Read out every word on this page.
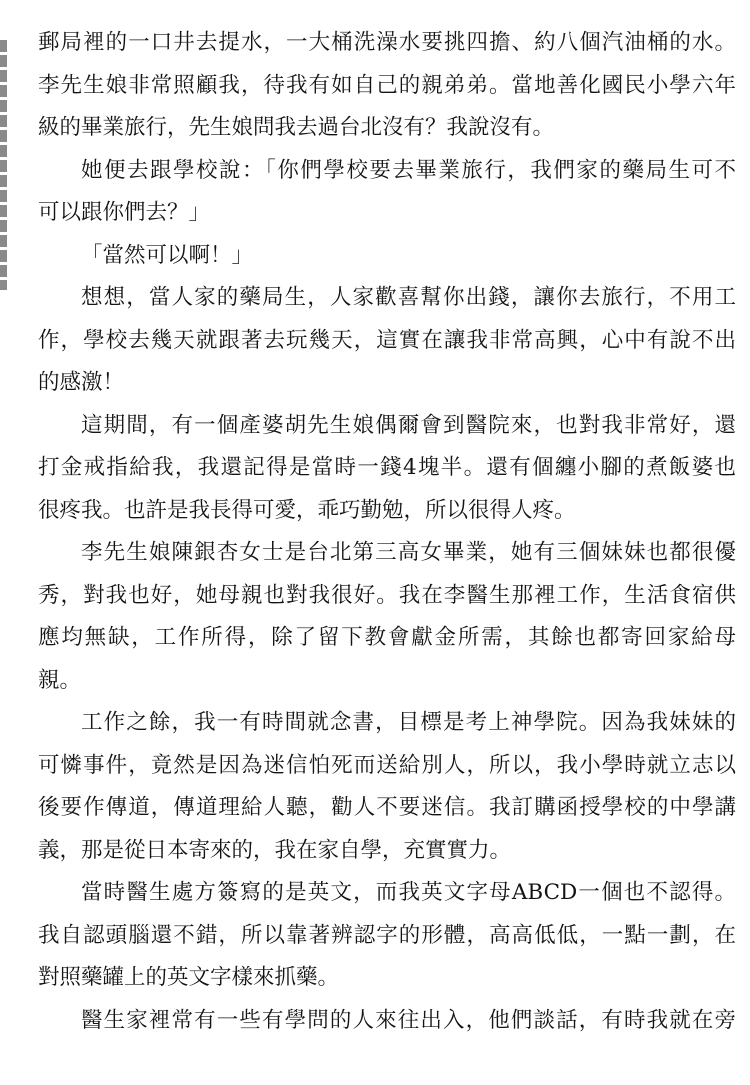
郵局裡的一口井去提水，一大桶洗澡水要挑四擔、約八個汽油桶的水。
李先生娘非常照顧我，待我有如自己的親弟弟。當地善化國民小學六年
級的畢業旅行，先生娘問我去過台北沒有？我說沒有。
她便去跟學校說：「你們學校要去畢業旅行，我們家的藥局生可不
可以跟你們去？」
「當然可以啊！」
想想，當人家的藥局生，人家歡喜幫你出錢，讓你去旅行，不用工
作，學校去幾天就跟著去玩幾天，這實在讓我非常高興，心中有說不出
的感激！
這期間，有一個產婆胡先生娘偶爾會到醫院來，也對我非常好，還
打金戒指給我，我還記得是當時一錢4塊半。還有個纏小腳的煮飯婆也
很疼我。也許是我長得可愛，乖巧勤勉，所以很得人疼。
李先生娘陳銀杏女士是台北第三高女畢業，她有三個妹妹也都很優
秀，對我也好，她母親也對我很好。我在李醫生那裡工作，生活食宿供
應均無缺，工作所得，除了留下教會獻金所需，其餘也都寄回家給母
親。
工作之餘，我一有時間就念書，目標是考上神學院。因為我妹妹的
可憐事件，竟然是因為迷信怕死而送給別人，所以，我小學時就立志以
後要作傳道，傳道理給人聽，勸人不要迷信。我訂購函授學校的中學講
義，那是從日本寄來的，我在家自學，充實實力。
當時醫生處方簽寫的是英文，而我英文字母ABCD一個也不認得。
我自認頭腦還不錯，所以靠著辨認字的形體，高高低低，一點一劃，在
對照藥罐上的英文字樣來抓藥。
醫生家裡常有一些有學問的人來往出入，他們談話，有時我就在旁
